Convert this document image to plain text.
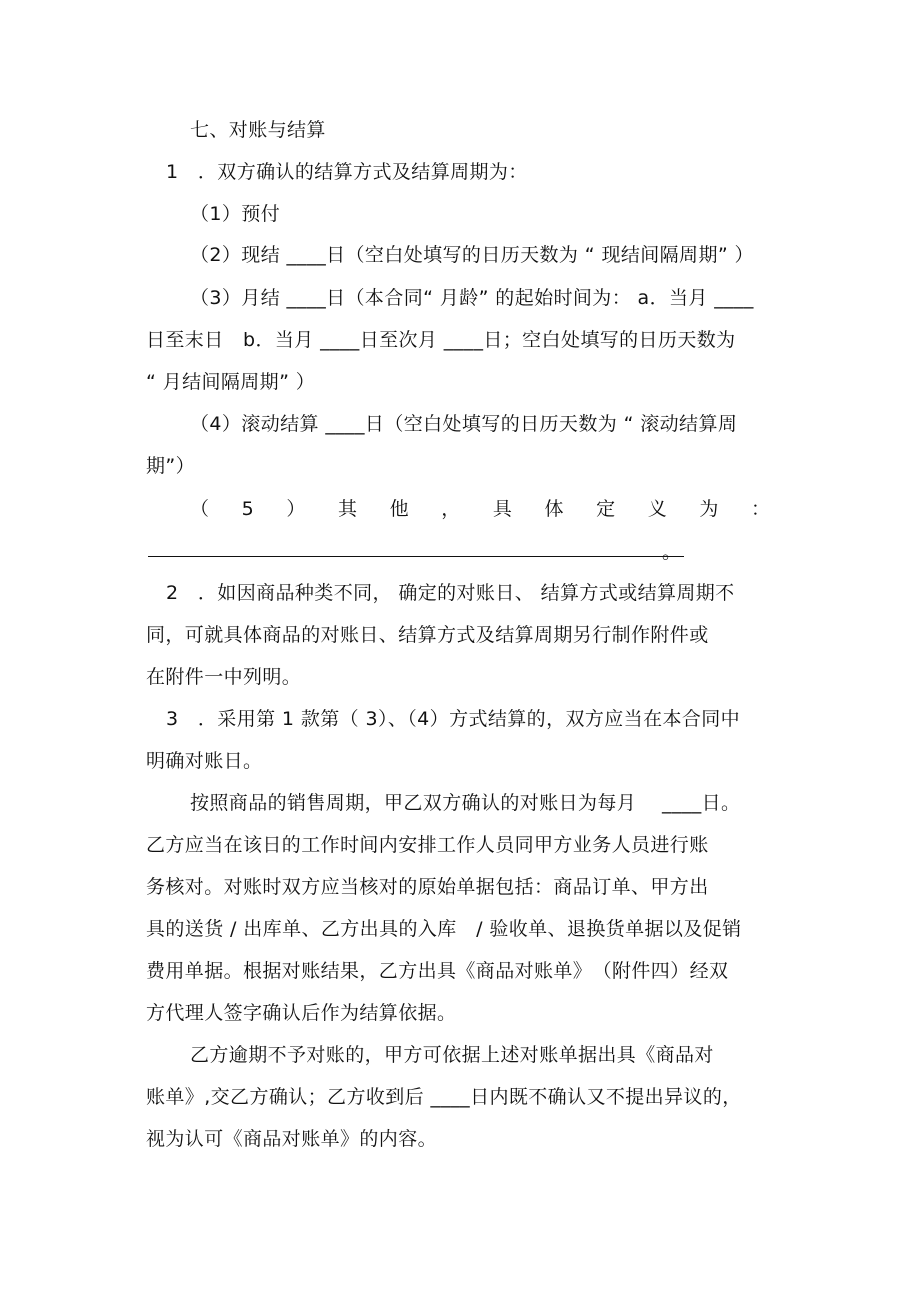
七、对账与结算
1　．双方确认的结算方式及结算周期为：
（1）预付
（2）现结 ____日（空白处填写的日历天数为 “ 现结间隔周期” ）
（3）月结 ____日（本合同“ 月龄” 的起始时间为： a．当月 ____
日至末日　b．当月 ____日至次月 ____日；空白处填写的日历天数为
“ 月结间隔周期” ）
（4）滚动结算 ____日（空白处填写的日历天数为 “ 滚动结算周
期”）
（ 5 ） 其 他 ， 具 体 定 义 为 ：
。
2　．如因商品种类不同， 确定的对账日、 结算方式或结算周期不
同，可就具体商品的对账日、结算方式及结算周期另行制作附件或
在附件一中列明。
3　．采用第 1 款第（ 3）、（4）方式结算的，双方应当在本合同中
明确对账日。
按照商品的销售周期，甲乙双方确认的对账日为每月　 ____日。
乙方应当在该日的工作时间内安排工作人员同甲方业务人员进行账
务核对。对账时双方应当核对的原始单据包括：商品订单、甲方出
具的送货 / 出库单、乙方出具的入库　/ 验收单、退换货单据以及促销
费用单据。根据对账结果，乙方出具《商品对账单》　（附件四）经双
方代理人签字确认后作为结算依据。
乙方逾期不予对账的，甲方可依据上述对账单据出具《商品对
账单》,交乙方确认；乙方收到后 ____日内既不确认又不提出异议的，
视为认可《商品对账单》的内容。
